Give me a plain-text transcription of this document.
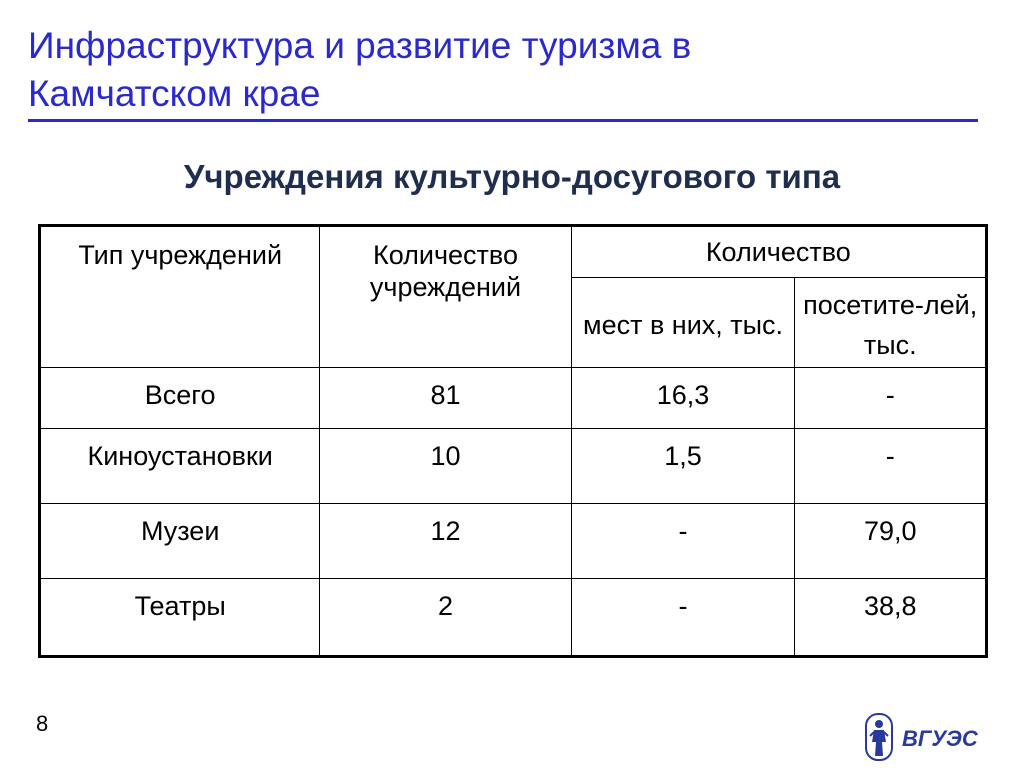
Инфраструктура и развитие туризма в
Камчатском крае
Учреждения культурно-досугового типа
Тип учреждений	Количество учреждений	Количество	
		мест в них, тыс.	посетите-лей, тыс.
Всего	81	16,3	-
Киноустановки	10	1,5	-
Музеи	12	-	79,0
Театры	2	-	38,8
8
ВГУЭС
